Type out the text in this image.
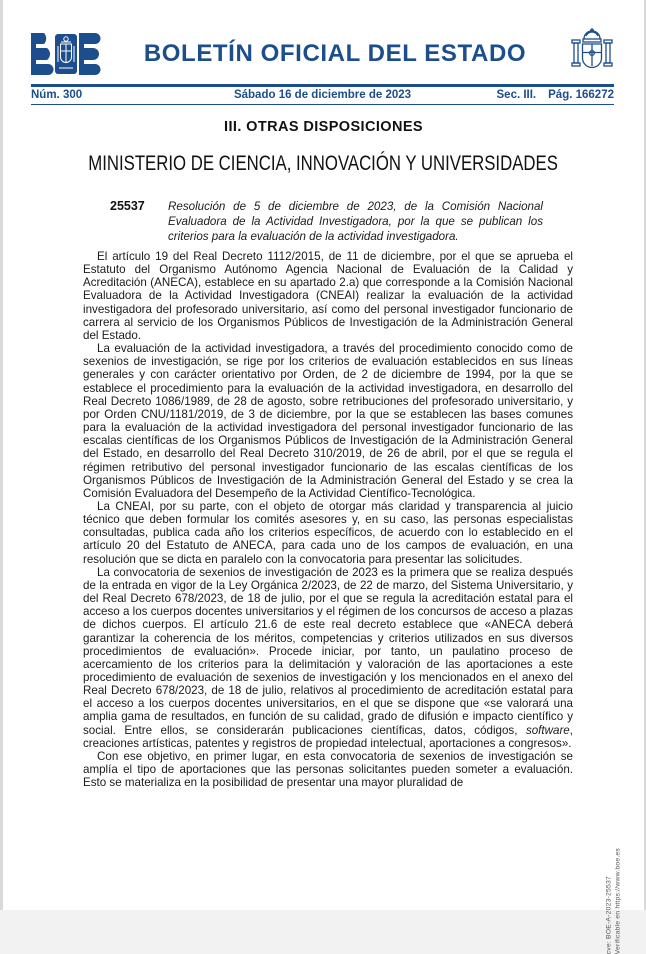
BOLETÍN OFICIAL DEL ESTADO
Núm. 300	Sábado 16 de diciembre de 2023	Sec. III. Pág. 166272
III. OTRAS DISPOSICIONES
MINISTERIO DE CIENCIA, INNOVACIÓN Y UNIVERSIDADES
25537	Resolución de 5 de diciembre de 2023, de la Comisión Nacional Evaluadora de la Actividad Investigadora, por la que se publican los criterios para la evaluación de la actividad investigadora.

El artículo 19 del Real Decreto 1112/2015, de 11 de diciembre, por el que se aprueba el Estatuto del Organismo Autónomo Agencia Nacional de Evaluación de la Calidad y Acreditación (ANECA), establece en su apartado 2.a) que corresponde a la Comisión Nacional Evaluadora de la Actividad Investigadora (CNEAI) realizar la evaluación de la actividad investigadora del profesorado universitario, así como del personal investigador funcionario de carrera al servicio de los Organismos Públicos de Investigación de la Administración General del Estado.

La evaluación de la actividad investigadora, a través del procedimiento conocido como de sexenios de investigación, se rige por los criterios de evaluación establecidos en sus líneas generales y con carácter orientativo por Orden, de 2 de diciembre de 1994, por la que se establece el procedimiento para la evaluación de la actividad investigadora, en desarrollo del Real Decreto 1086/1989, de 28 de agosto, sobre retribuciones del profesorado universitario, y por Orden CNU/1181/2019, de 3 de diciembre, por la que se establecen las bases comunes para la evaluación de la actividad investigadora del personal investigador funcionario de las escalas científicas de los Organismos Públicos de Investigación de la Administración General del Estado, en desarrollo del Real Decreto 310/2019, de 26 de abril, por el que se regula el régimen retributivo del personal investigador funcionario de las escalas científicas de los Organismos Públicos de Investigación de la Administración General del Estado y se crea la Comisión Evaluadora del Desempeño de la Actividad Científico-Tecnológica.

La CNEAI, por su parte, con el objeto de otorgar más claridad y transparencia al juicio técnico que deben formular los comités asesores y, en su caso, las personas especialistas consultadas, publica cada año los criterios específicos, de acuerdo con lo establecido en el artículo 20 del Estatuto de ANECA, para cada uno de los campos de evaluación, en una resolución que se dicta en paralelo con la convocatoria para presentar las solicitudes.

La convocatoria de sexenios de investigación de 2023 es la primera que se realiza después de la entrada en vigor de la Ley Orgánica 2/2023, de 22 de marzo, del Sistema Universitario, y del Real Decreto 678/2023, de 18 de julio, por el que se regula la acreditación estatal para el acceso a los cuerpos docentes universitarios y el régimen de los concursos de acceso a plazas de dichos cuerpos. El artículo 21.6 de este real decreto establece que «ANECA deberá garantizar la coherencia de los méritos, competencias y criterios utilizados en sus diversos procedimientos de evaluación». Procede iniciar, por tanto, un paulatino proceso de acercamiento de los criterios para la delimitación y valoración de las aportaciones a este procedimiento de evaluación de sexenios de investigación y los mencionados en el anexo del Real Decreto 678/2023, de 18 de julio, relativos al procedimiento de acreditación estatal para el acceso a los cuerpos docentes universitarios, en el que se dispone que «se valorará una amplia gama de resultados, en función de su calidad, grado de difusión e impacto científico y social. Entre ellos, se considerarán publicaciones científicas, datos, códigos, software, creaciones artísticas, patentes y registros de propiedad intelectual, aportaciones a congresos».

Con ese objetivo, en primer lugar, en esta convocatoria de sexenios de investigación se amplía el tipo de aportaciones que las personas solicitantes pueden someter a evaluación. Esto se materializa en la posibilidad de presentar una mayor pluralidad de

cve: BOE-A-2023-25537 Verificable en https://www.boe.es
